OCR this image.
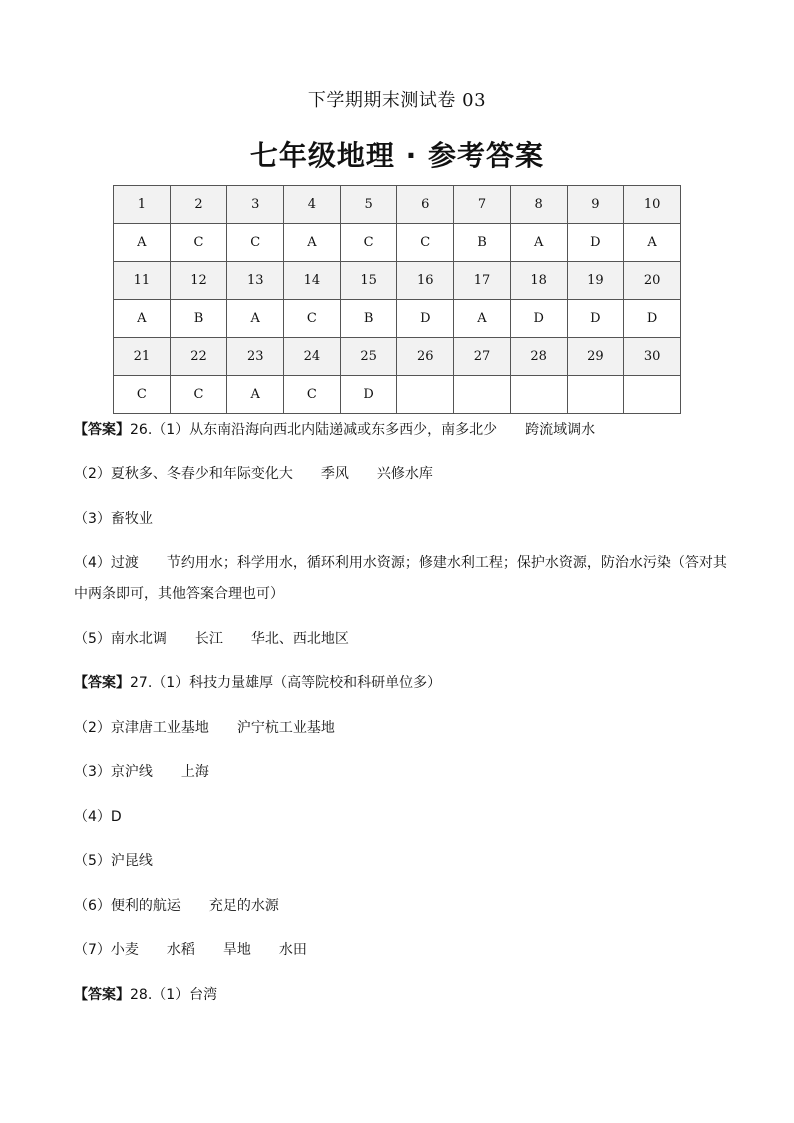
下学期期末测试卷 03
七年级地理 · 参考答案
1	2	3	4	5	6	7	8	9	10
A	C	C	A	C	C	B	A	D	A
11	12	13	14	15	16	17	18	19	20
A	B	A	C	B	D	A	D	D	D
21	22	23	24	25	26	27	28	29	30
C	C	A	C	D					
【答案】26.（1）从东南沿海向西北内陆递减或东多西少，南多北少　　跨流域调水
（2）夏秋多、冬春少和年际变化大　　季风　　兴修水库
（3）畜牧业
（4）过渡　　节约用水；科学用水，循环利用水资源；修建水利工程；保护水资源，防治水污染（答对其
中两条即可，其他答案合理也可）
（5）南水北调　　长江　　华北、西北地区
【答案】27.（1）科技力量雄厚（高等院校和科研单位多）
（2）京津唐工业基地　　沪宁杭工业基地
（3）京沪线　　上海
（4）D
（5）沪昆线
（6）便利的航运　　充足的水源
（7）小麦　　水稻　　旱地　　水田
【答案】28.（1）台湾
